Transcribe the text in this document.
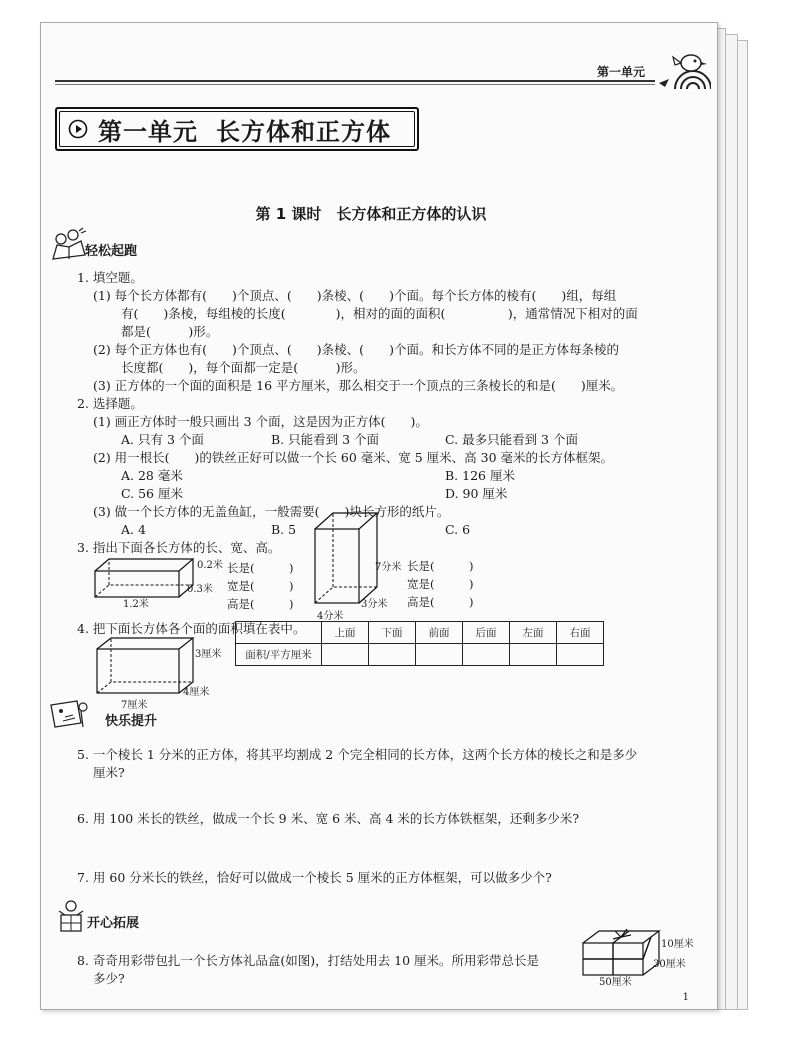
第一单元
第一单元 长方体和正方体
第 1 课时　长方体和正方体的认识
轻松起跑
1. 填空题。
(1) 每个长方体都有(　　)个顶点、(　　)条棱、(　　)个面。每个长方体的棱有(　　)组，每组
有(　　)条棱，每组棱的长度(　　　　)，相对的面的面积(　　　　　)，通常情况下相对的面
都是(　　　)形。
(2) 每个正方体也有(　　)个顶点、(　　)条棱、(　　)个面。和长方体不同的是正方体每条棱的
长度都(　　)，每个面都一定是(　　　)形。
(3) 正方体的一个面的面积是 16 平方厘米，那么相交于一个顶点的三条棱长的和是(　　)厘米。
2. 选择题。
(1) 画正方体时一般只画出 3 个面，这是因为正方体(　　)。
A. 只有 3 个面	B. 只能看到 3 个面	C. 最多只能看到 3 个面
(2) 用一根长(　　)的铁丝正好可以做一个长 60 毫米、宽 5 厘米、高 30 毫米的长方体框架。
A. 28 毫米	B. 126 厘米
C. 56 厘米	D. 90 厘米
(3) 做一个长方体的无盖鱼缸，一般需要(　　)块长方形的纸片。
A. 4	B. 5	C. 6
3. 指出下面各长方体的长、宽、高。
0.2米
0.3米
1.2米
长是(　　　)
宽是(　　　)
高是(　　　)
7分米
4分米
3分米
长是(　　　)
宽是(　　　)
高是(　　　)
4. 把下面长方体各个面的面积填在表中。
3厘米
4厘米
7厘米
	上面	下面	前面	后面	左面	右面
面积/平方厘米						
快乐提升
5. 一个棱长 1 分米的正方体，将其平均割成 2 个完全相同的长方体，这两个长方体的棱长之和是多少
厘米?
6. 用 100 米长的铁丝，做成一个长 9 米、宽 6 米、高 4 米的长方体铁框架，还剩多少米?
7. 用 60 分米长的铁丝，恰好可以做成一个棱长 5 厘米的正方体框架，可以做多少个?
开心拓展
8. 奇奇用彩带包扎一个长方体礼品盒(如图)，打结处用去 10 厘米。所用彩带总长是
多少?
10厘米
30厘米
50厘米
1
